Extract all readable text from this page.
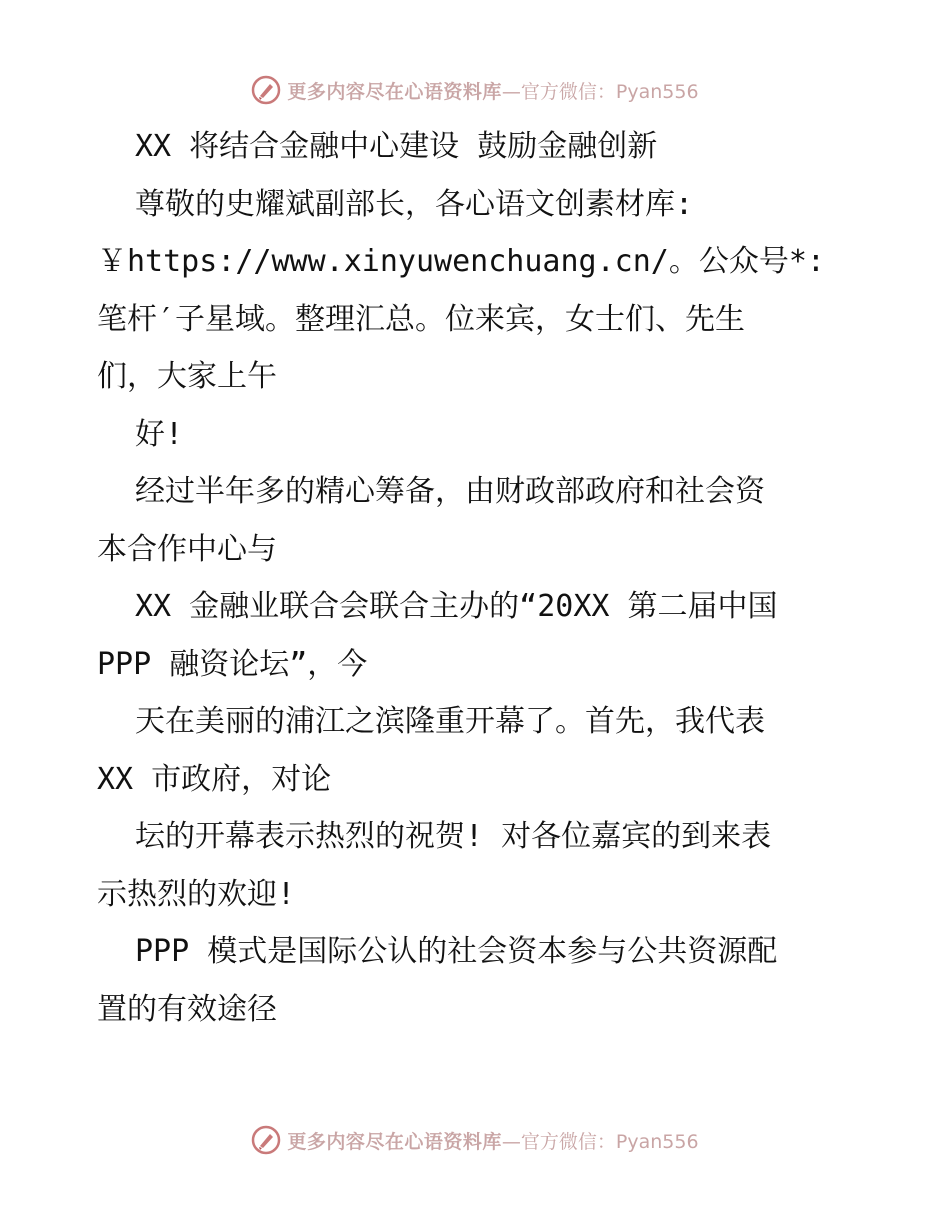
更多内容尽在心语资料库 —官方微信：Pyan556
XX 将结合金融中心建设 鼓励金融创新
尊敬的史耀斌副部长，各心语文创素材库:
￥https://www.xinyuwenchuang.cn/。公众号*:
笔杆′子星域。整理汇总。位来宾，女士们、先生
们，大家上午
好!
经过半年多的精心筹备，由财政部政府和社会资
本合作中心与
XX 金融业联合会联合主办的“20XX 第二届中国
PPP 融资论坛”，今
天在美丽的浦江之滨隆重开幕了。首先，我代表
XX 市政府，对论
坛的开幕表示热烈的祝贺! 对各位嘉宾的到来表
示热烈的欢迎!
PPP 模式是国际公认的社会资本参与公共资源配
置的有效途径
更多内容尽在心语资料库 —官方微信：Pyan556
